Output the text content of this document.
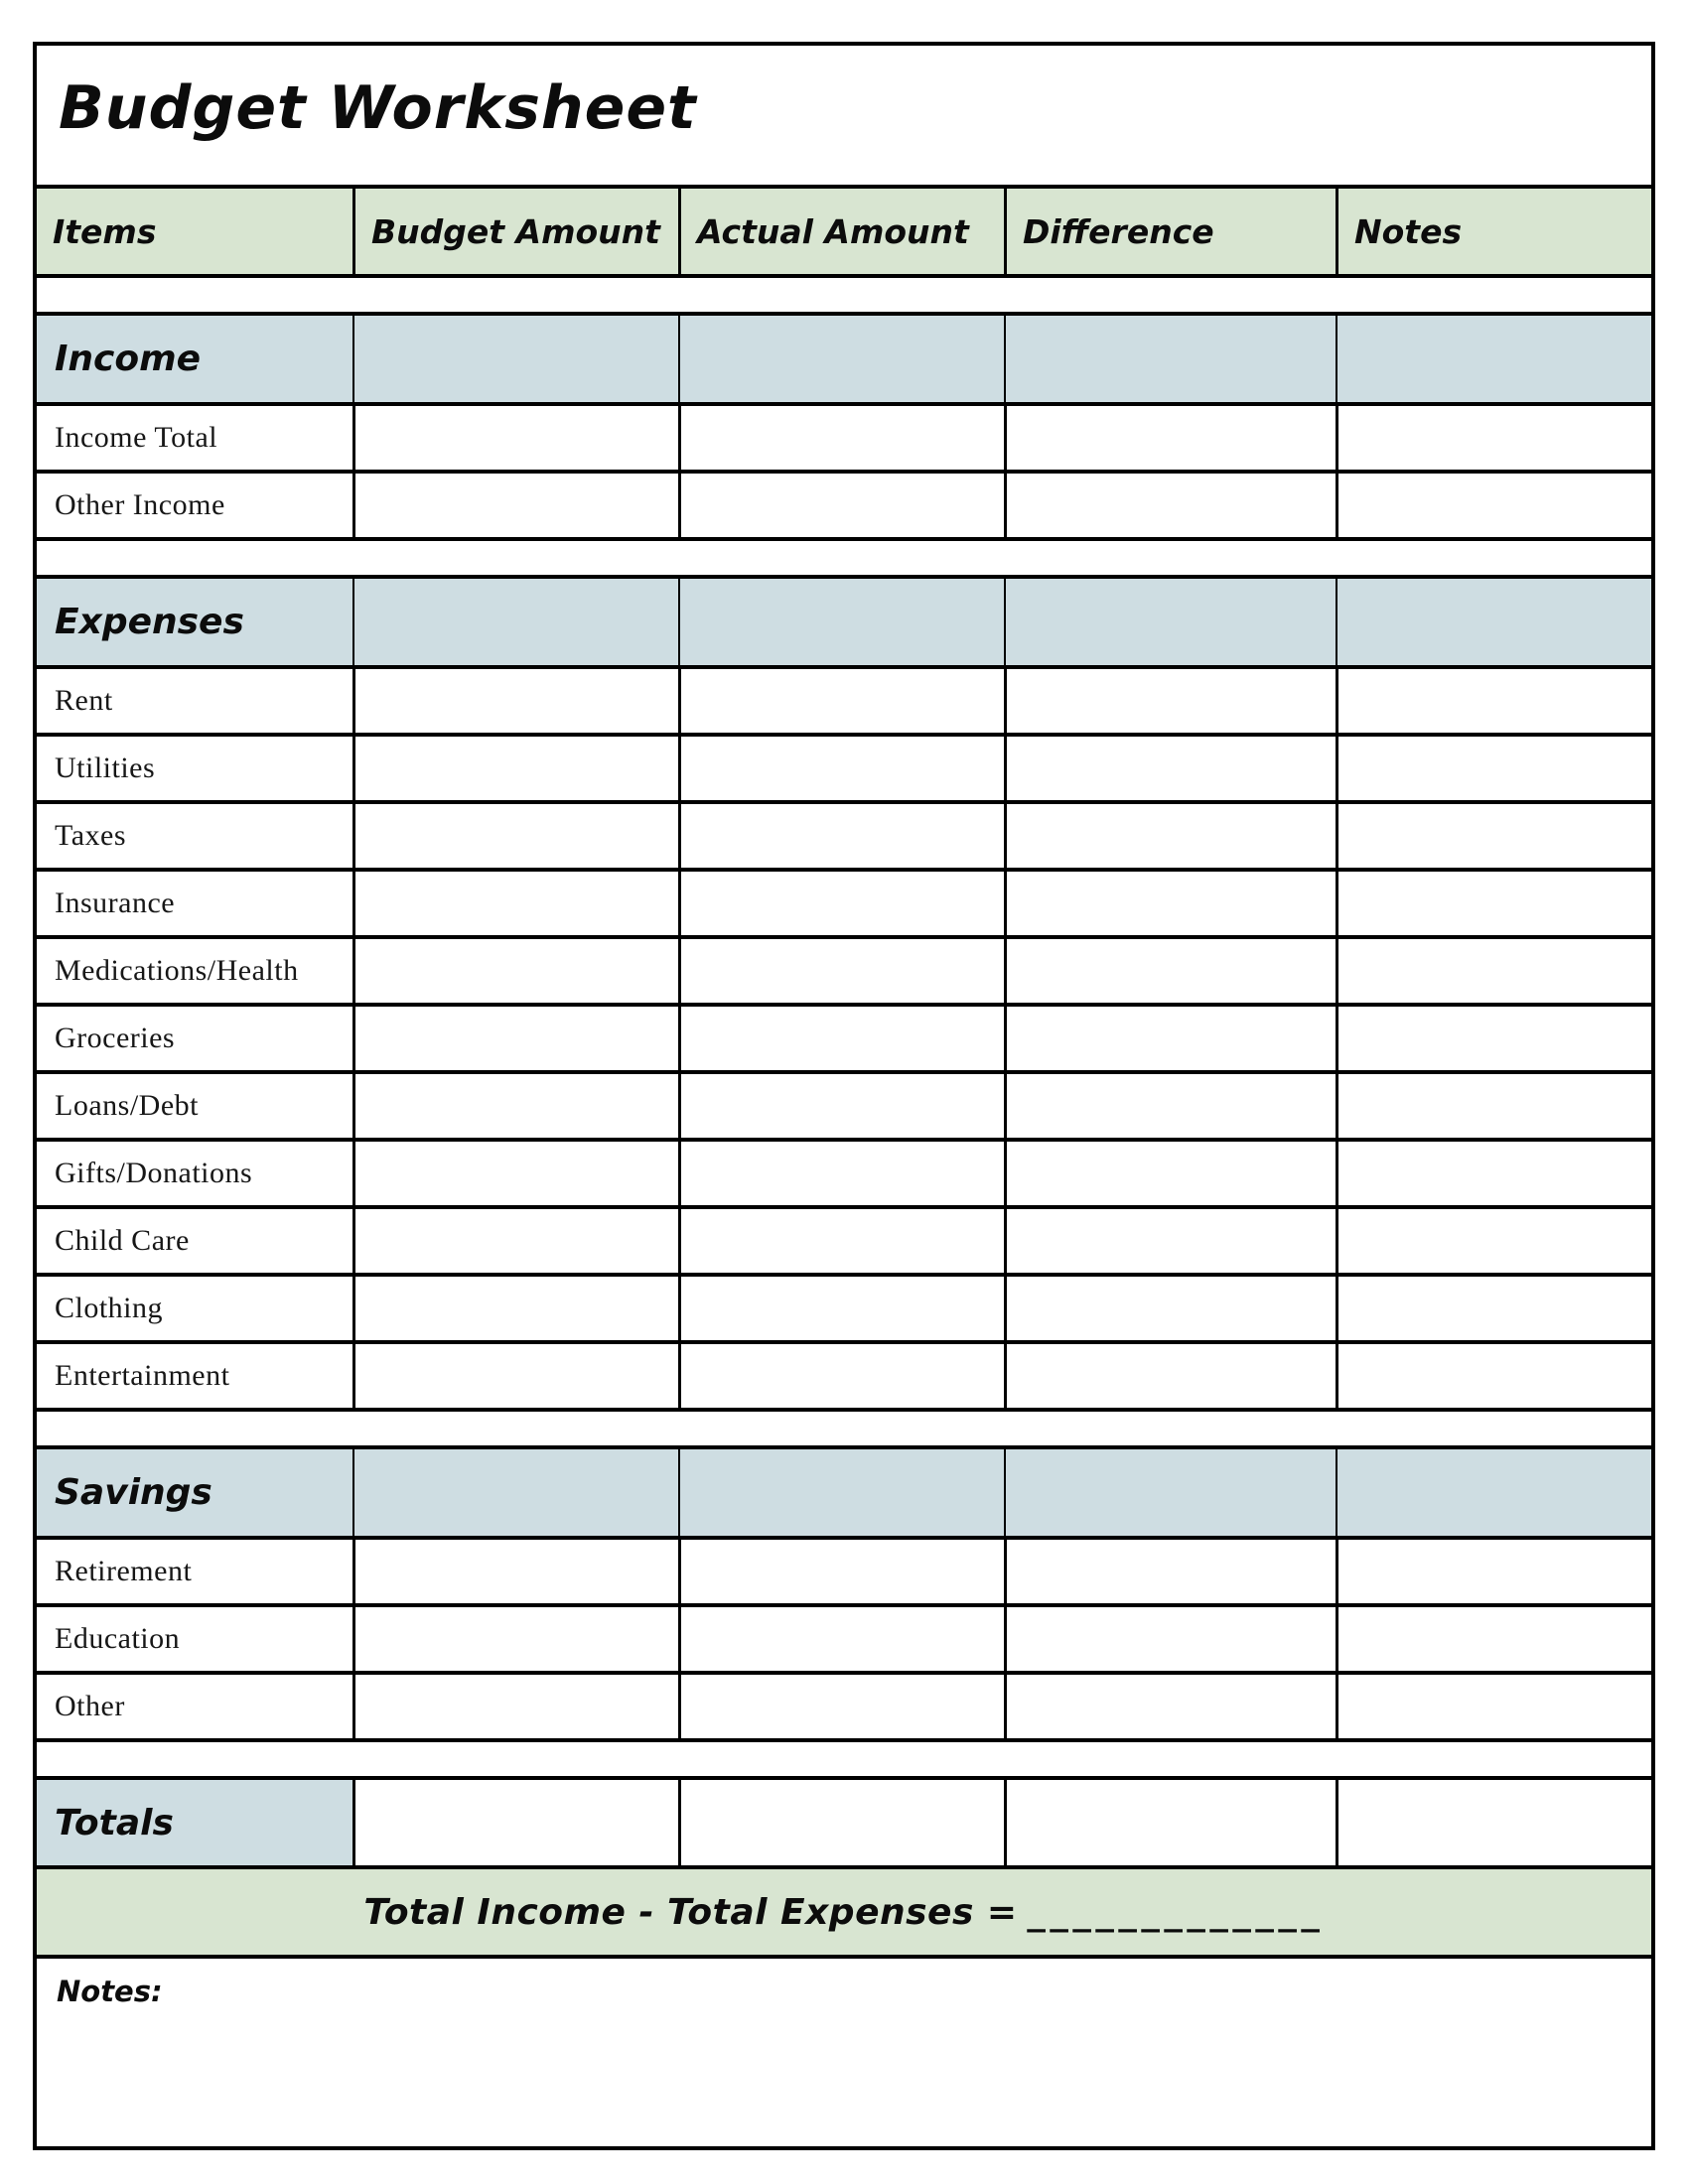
Budget Worksheet
Items	Budget Amount	Actual Amount	Difference	Notes
Income
Income Total
Other Income
Expenses
Rent
Utilities
Taxes
Insurance
Medications/Health
Groceries
Loans/Debt
Gifts/Donations
Child Care
Clothing
Entertainment
Savings
Retirement
Education
Other
Totals
Total Income - Total Expenses = _____________
Notes:
